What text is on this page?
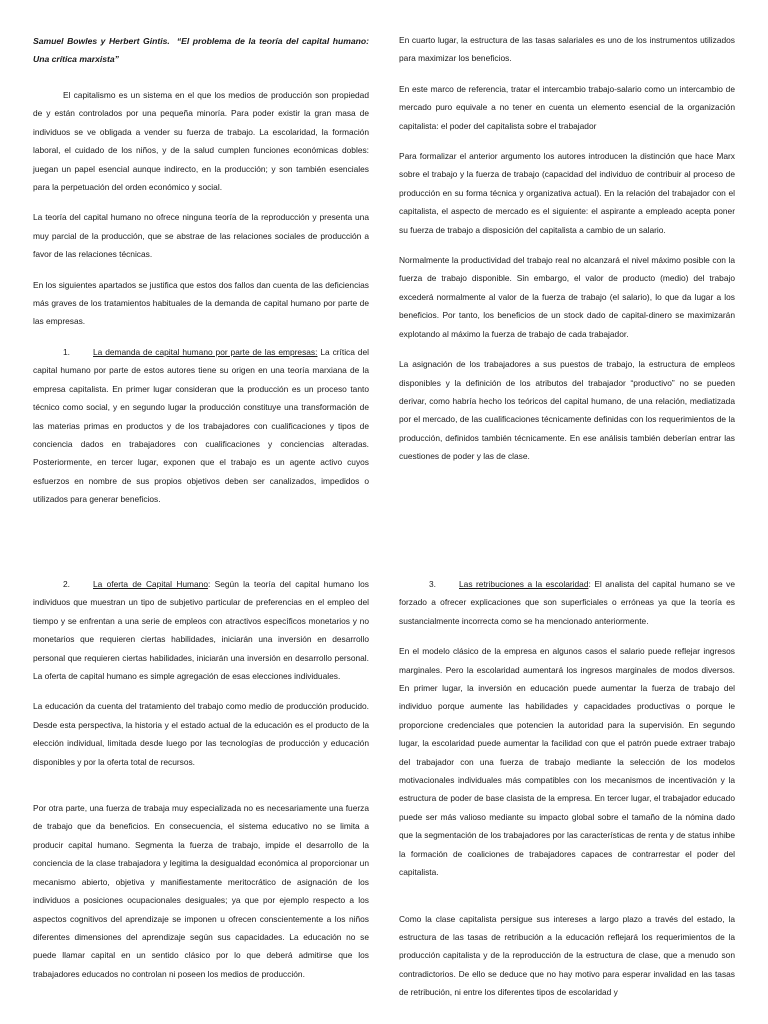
Samuel Bowles y Herbert Gintis. “El problema de la teoría del capital humano: Una crítica marxista”

El capitalismo es un sistema en el que los medios de producción son propiedad de y están controlados por una pequeña minoría. Para poder existir la gran masa de individuos se ve obligada a vender su fuerza de trabajo. La escolaridad, la formación laboral, el cuidado de los niños, y de la salud cumplen funciones económicas dobles: juegan un papel esencial aunque indirecto, en la producción; y son también esenciales para la perpetuación del orden económico y social.

La teoría del capital humano no ofrece ninguna teoría de la reproducción y presenta una muy parcial de la producción, que se abstrae de las relaciones sociales de producción a favor de las relaciones técnicas.

En los siguientes apartados se justifica que estos dos fallos dan cuenta de las deficiencias más graves de los tratamientos habituales de la demanda de capital humano por parte de las empresas.

1.	La demanda de capital humano por parte de las empresas: La crítica del capital humano por parte de estos autores tiene su origen en una teoría marxiana de la empresa capitalista. En primer lugar consideran que la producción es un proceso tanto técnico como social, y en segundo lugar la producción constituye una transformación de las materias primas en productos y de los trabajadores con cualificaciones y tipos de conciencia dados en trabajadores con cualificaciones y conciencias alteradas. Posteriormente, en tercer lugar, exponen que el trabajo es un agente activo cuyos esfuerzos en nombre de sus propios objetivos deben ser canalizados, impedidos o utilizados para generar beneficios.

En cuarto lugar, la estructura de las tasas salariales es uno de los instrumentos utilizados para maximizar los beneficios.

En este marco de referencia, tratar el intercambio trabajo-salario como un intercambio de mercado puro equivale a no tener en cuenta un elemento esencial de la organización capitalista: el poder del capitalista sobre el trabajador

Para formalizar el anterior argumento los autores introducen la distinción que hace Marx sobre el trabajo y la fuerza de trabajo (capacidad del individuo de contribuir al proceso de producción en su forma técnica y organizativa actual). En la relación del trabajador con el capitalista, el aspecto de mercado es el siguiente: el aspirante a empleado acepta poner su fuerza de trabajo a disposición del capitalista a cambio de un salario.

Normalmente la productividad del trabajo real no alcanzará el nivel máximo posible con la fuerza de trabajo disponible. Sin embargo, el valor de producto (medio) del trabajo excederá normalmente al valor de la fuerza de trabajo (el salario), lo que da lugar a los beneficios. Por tanto, los beneficios de un stock dado de capital-dinero se maximizarán explotando al máximo la fuerza de trabajo de cada trabajador.

La asignación de los trabajadores a sus puestos de trabajo, la estructura de empleos disponibles y la definición de los atributos del trabajador “productivo” no se pueden derivar, como habría hecho los teóricos del capital humano, de una relación, mediatizada por el mercado, de las cualificaciones técnicamente definidas con los requerimientos de la producción, definidos también técnicamente. En ese análisis también deberían entrar las cuestiones de poder y las de clase.

2.	La oferta de Capital Humano: Según la teoría del capital humano los individuos que muestran un tipo de subjetivo particular de preferencias en el empleo del tiempo y se enfrentan a una serie de empleos con atractivos específicos monetarios y no monetarios que requieren ciertas habilidades, iniciarán una inversión en desarrollo personal que requieren ciertas habilidades, iniciarán una inversión en desarrollo personal. La oferta de capital humano es simple agregación de esas elecciones individuales.

La educación da cuenta del tratamiento del trabajo como medio de producción producido. Desde esta perspectiva, la historia y el estado actual de la educación es el producto de la elección individual, limitada desde luego por las tecnologías de producción y educación disponibles y por la oferta total de recursos.

Por otra parte, una fuerza de trabaja muy especializada no es necesariamente una fuerza de trabajo que da beneficios. En consecuencia, el sistema educativo no se limita a producir capital humano. Segmenta la fuerza de trabajo, impide el desarrollo de la conciencia de la clase trabajadora y legitima la desigualdad económica al proporcionar un mecanismo abierto, objetiva y manifiestamente meritocrático de asignación de los individuos a posiciones ocupacionales desiguales; ya que por ejemplo respecto a los aspectos cognitivos del aprendizaje se imponen u ofrecen conscientemente a los niños diferentes dimensiones del aprendizaje según sus capacidades. La educación no se puede llamar capital en un sentido clásico por lo que deberá admitirse que los trabajadores educados no controlan ni poseen los medios de producción.

3.	Las retribuciones a la escolaridad: El analista del capital humano se ve forzado a ofrecer explicaciones que son superficiales o erróneas ya que la teoría es sustancialmente incorrecta como se ha mencionado anteriormente.

En el modelo clásico de la empresa en algunos casos el salario puede reflejar ingresos marginales. Pero la escolaridad aumentará los ingresos marginales de modos diversos. En primer lugar, la inversión en educación puede aumentar la fuerza de trabajo del individuo porque aumente las habilidades y capacidades productivas o porque le proporcione credenciales que potencien la autoridad para la supervisión. En segundo lugar, la escolaridad puede aumentar la facilidad con que el patrón puede extraer trabajo del trabajador con una fuerza de trabajo mediante la selección de los modelos motivacionales individuales más compatibles con los mecanismos de incentivación y la estructura de poder de base clasista de la empresa. En tercer lugar, el trabajador educado puede ser más valioso mediante su impacto global sobre el tamaño de la nómina dado que la segmentación de los trabajadores por las características de renta y de status inhibe la formación de coaliciones de trabajadores capaces de contrarrestar el poder del capitalista.

Como la clase capitalista persigue sus intereses a largo plazo a través del estado, la estructura de las tasas de retribución a la educación reflejará los requerimientos de la producción capitalista y de la reproducción de la estructura de clase, que a menudo son contradictorios. De ello se deduce que no hay motivo para esperar invalidad en las tasas de retribución, ni entre los diferentes tipos de escolaridad y
